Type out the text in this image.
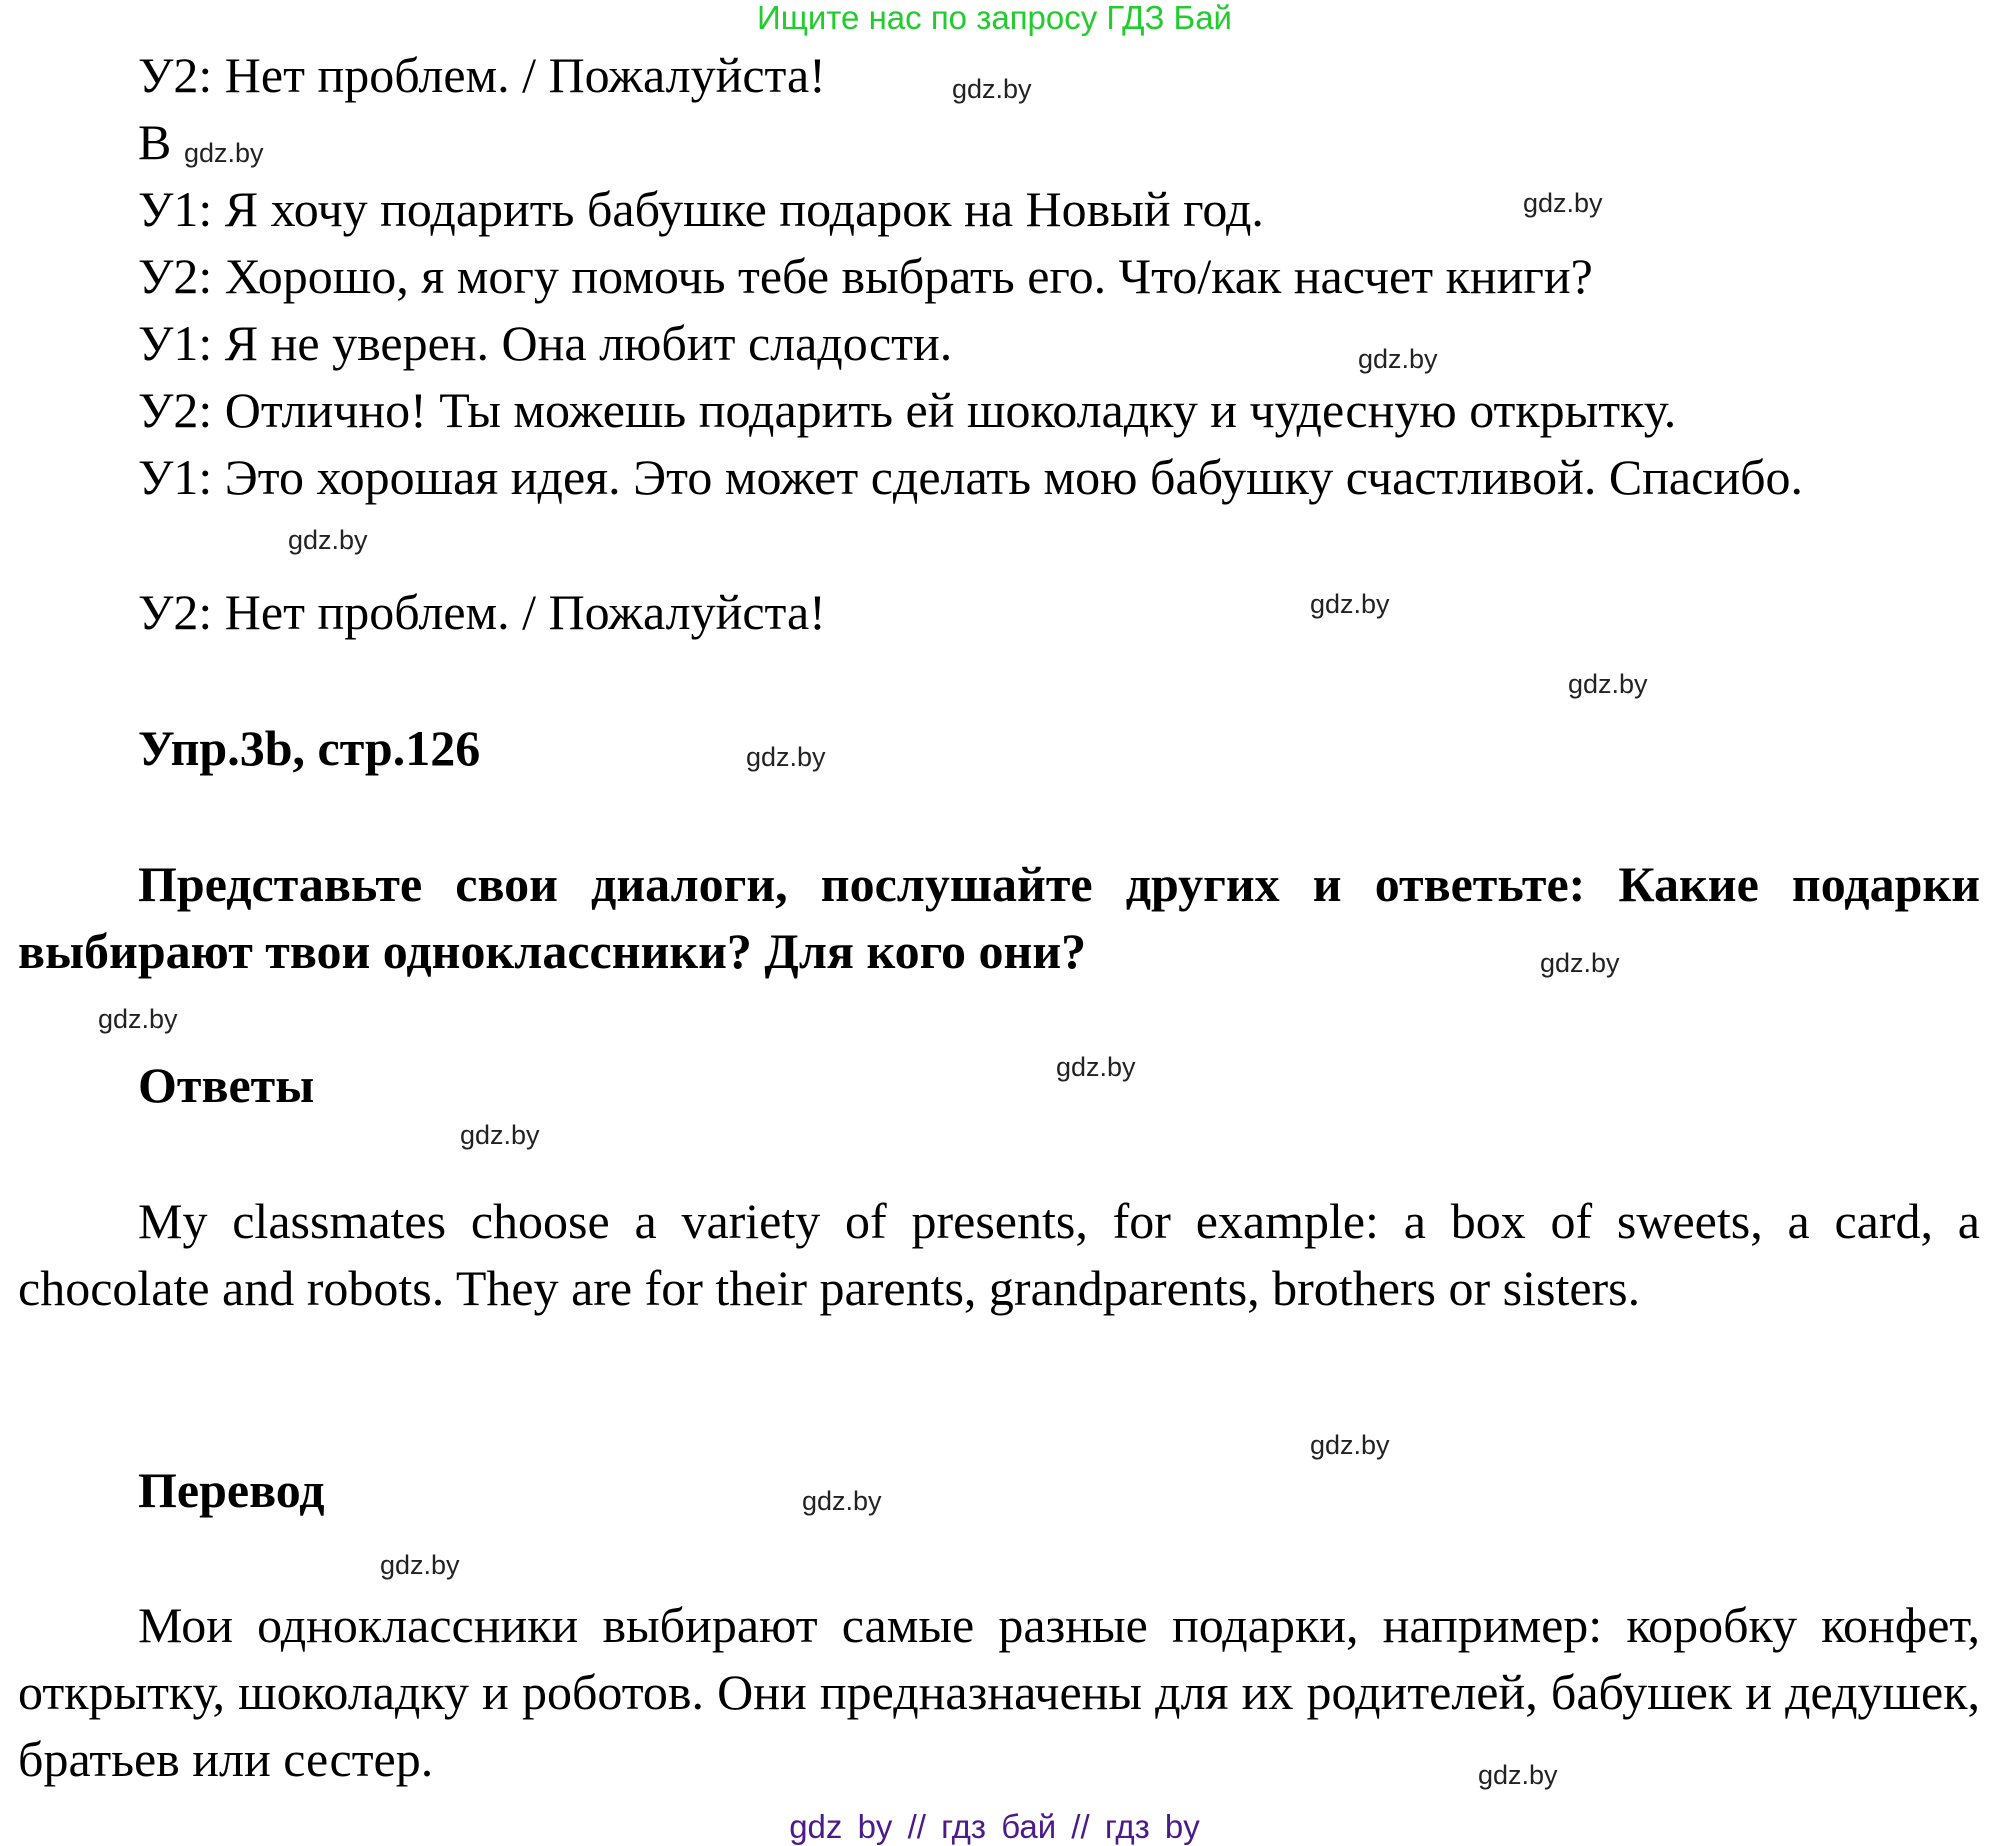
Ищите нас по запросу ГДЗ Бай
У2: Нет проблем. / Пожалуйста!
В
У1: Я хочу подарить бабушке подарок на Новый год.
У2: Хорошо, я могу помочь тебе выбрать его. Что/как насчет книги?
У1: Я не уверен. Она любит сладости.
У2: Отлично! Ты можешь подарить ей шоколадку и чудесную открытку.

У1: Это хорошая идея. Это может сделать мою бабушку счастливой. Спасибо.

У2: Нет проблем. / Пожалуйста!
Упр.3b, стр.126

Представьте свои диалоги, послушайте других и ответьте: Какие подарки выбирают твои одноклассники? Для кого они?

Ответы

My classmates choose a variety of presents, for example: a box of sweets, a card, a chocolate and robots. They are for their parents, grandparents, brothers or sisters.

Перевод

Мои одноклассники выбирают самые разные подарки, например: коробку конфет, открытку, шоколадку и роботов. Они предназначены для их родителей, бабушек и дедушек, братьев или сестер.

gdz.by
gdz.by
gdz.by
gdz.by
gdz.by
gdz.by
gdz.by
gdz.by
gdz.by
gdz.by
gdz.by
gdz.by
gdz.by
gdz.by
gdz.by
gdz.by
gdz by // гдз бай // гдз by
